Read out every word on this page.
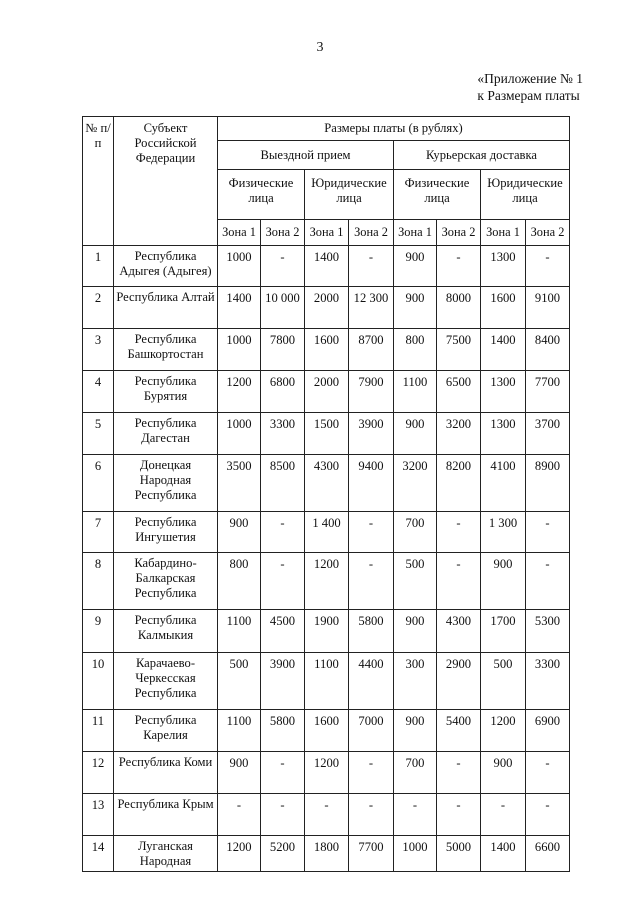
3
«Приложение № 1
к Размерам платы
№ п/п	Субъект Российской Федерации	Размеры платы (в рублях)							
		Выездной прием				Курьерская доставка			
		Физические лица		Юридические лица		Физические лица		Юридические лица	
		Зона 1	Зона 2	Зона 1	Зона 2	Зона 1	Зона 2	Зона 1	Зона 2
1	Республика Адыгея (Адыгея)	1000	-	1400	-	900	-	1300	-
2	Республика Алтай	1400	10 000	2000	12 300	900	8000	1600	9100
3	Республика Башкортостан	1000	7800	1600	8700	800	7500	1400	8400
4	Республика Бурятия	1200	6800	2000	7900	1100	6500	1300	7700
5	Республика Дагестан	1000	3300	1500	3900	900	3200	1300	3700
6	Донецкая Народная Республика	3500	8500	4300	9400	3200	8200	4100	8900
7	Республика Ингушетия	900	-	1 400	-	700	-	1 300	-
8	Кабардино-Балкарская Республика	800	-	1200	-	500	-	900	-
9	Республика Калмыкия	1100	4500	1900	5800	900	4300	1700	5300
10	Карачаево-Черкесская Республика	500	3900	1100	4400	300	2900	500	3300
11	Республика Карелия	1100	5800	1600	7000	900	5400	1200	6900
12	Республика Коми	900	-	1200	-	700	-	900	-
13	Республика Крым	-	-	-	-	-	-	-	-
14	Луганская Народная	1200	5200	1800	7700	1000	5000	1400	6600
